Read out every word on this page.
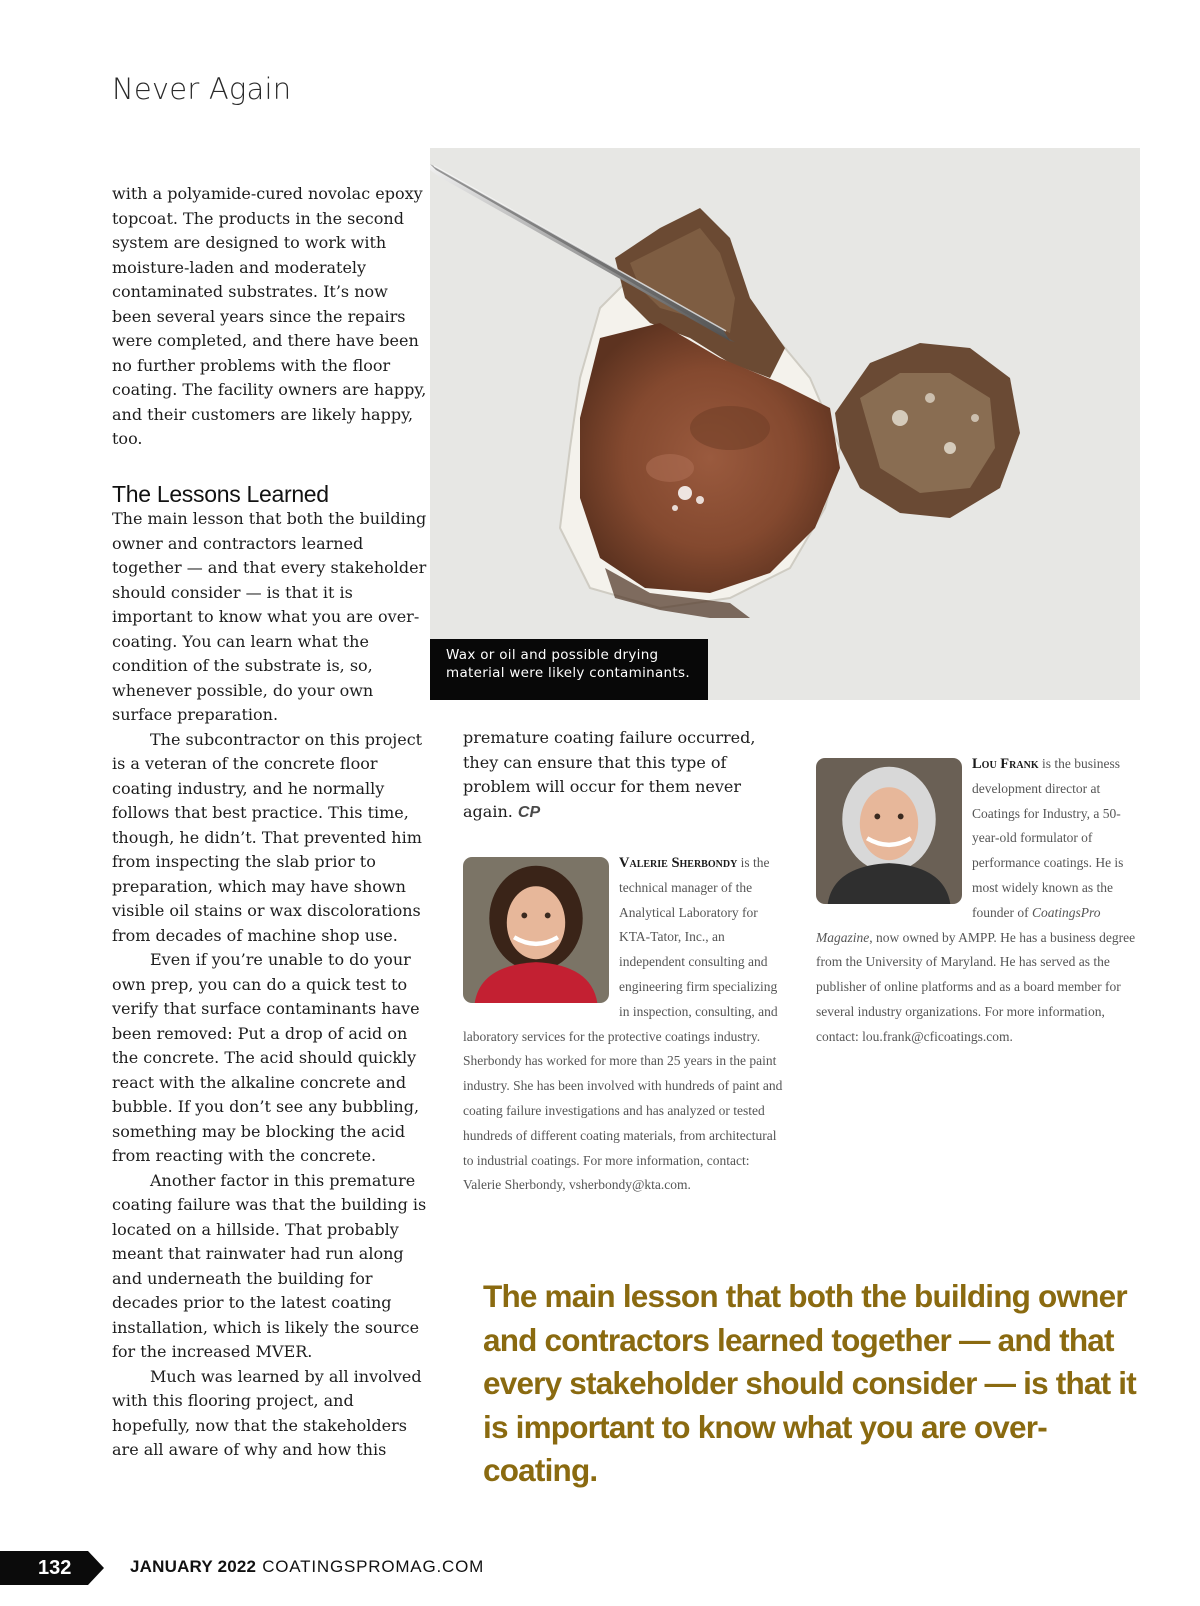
Never Again

with a polyamide-cured novolac epoxy topcoat. The products in the second system are designed to work with moisture-laden and moderately contaminated substrates. It’s now been several years since the repairs were completed, and there have been no further problems with the floor coating. The facility owners are happy, and their customers are likely happy, too.

The Lessons Learned

The main lesson that both the building owner and contractors learned together — and that every stakeholder should consider — is that it is important to know what you are over-coating. You can learn what the condition of the substrate is, so, whenever possible, do your own surface preparation.

The subcontractor on this project is a veteran of the concrete floor coating industry, and he normally follows that best practice. This time, though, he didn’t. That prevented him from inspecting the slab prior to preparation, which may have shown visible oil stains or wax discolorations from decades of machine shop use.

Even if you’re unable to do your own prep, you can do a quick test to verify that surface contaminants have been removed: Put a drop of acid on the concrete. The acid should quickly react with the alkaline concrete and bubble. If you don’t see any bubbling, something may be blocking the acid from reacting with the concrete.

Another factor in this premature coating failure was that the building is located on a hillside. That probably meant that rainwater had run along and underneath the building for decades prior to the latest coating installation, which is likely the source for the increased MVER.

Much was learned by all involved with this flooring project, and hopefully, now that the stakeholders are all aware of why and how this

Wax or oil and possible drying material were likely contaminants.

premature coating failure occurred, they can ensure that this type of problem will occur for them never again. CP

Valerie Sherbondy
is the technical manager of the Analytical Laboratory for KTA-Tator, Inc., an independent consulting and engineering firm specializing in inspection, consulting, and laboratory services for the protective coatings industry. Sherbondy has worked for more than 25 years in the paint industry. She has been involved with hundreds of paint and coating failure investigations and has analyzed or tested hundreds of different coating materials, from architectural to industrial coatings. For more information, contact: Valerie Sherbondy, vsherbondy@kta.com.

Lou Frank
is the business development director at Coatings for Industry, a 50-year-old formulator of performance coatings. He is most widely known as the founder of CoatingsPro Magazine, now owned by AMPP. He has a business degree from the University of Maryland. He has served as the publisher of online platforms and as a board member for several industry organizations. For more information, contact: lou.frank@cficoatings.com.

The main lesson that both the building owner and contractors learned together — and that every stakeholder should consider — is that it is important to know what you are over-coating.
132	JANUARY 2022 COATINGSPROMAG.COM
